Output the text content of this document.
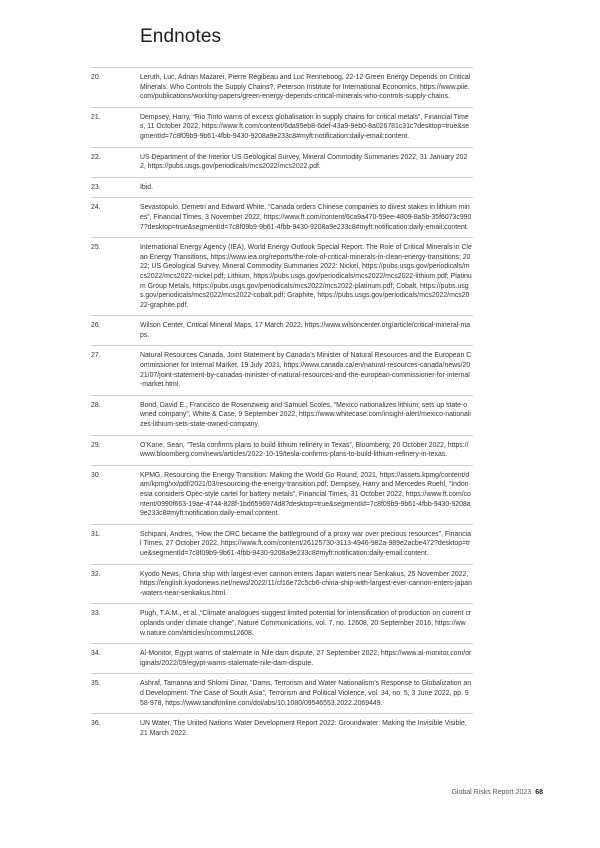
Endnotes
20.	Leruth, Luc, Adnan Mazarei, Pierre Régibeau and Luc Renneboog, 22-12 Green Energy Depends on Critical Minerals. Who Controls the Supply Chains?, Peterson Institute for International Economics, https://www.piie.com/publications/working-papers/green-energy-depends-critical-minerals-who-controls-supply-chains.
21.	Dempsey, Harry, “Rio Tinto warns of excess globalisation in supply chains for critical metals”, Financial Times, 11 October 2022, https://www.ft.com/content/6da95eb8-6def-43a9-9eb0-8a026781c31c?desktop=true&segmentId=7c8f09b9-9b61-4fbb-9430-9208a9e233c8#myft:notification:daily-email:content.
22.	US Department of the Interior US Geological Survey, Mineral Commodity Summaries 2022, 31 January 2022, https://pubs.usgs.gov/periodicals/mcs2022/mcs2022.pdf.
23.	Ibid.
24.	Sevastopulo, Demetri and Edward White, “Canada orders Chinese companies to divest stakes in lithium mines”, Financial Times, 3 November 2022, https://www.ft.com/content/6ca9a470-59ee-4809-8a5b-35f6073c9907?desktop=true&segmentId=7c8f09b9-9b61-4fbb-9430-9208a9e233c8#myft:notification:daily-email:content.
25.	International Energy Agency (IEA), World Energy Outlook Special Report: The Role of Critical Minerals in Clean Energy Transitions, https://www.iea.org/reports/the-role-of-critical-minerals-in-clean-energy-transitions; 2022; US Geological Survey, Mineral Commodity Summaries 2022: Nickel, https://pubs.usgs.gov/periodicals/mcs2022/mcs2022-nickel.pdf; Lithium, https://pubs.usgs.gov/periodicals/mcs2022/mcs2022-lithium.pdf; Platinum Group Metals, https://pubs.usgs.gov/periodicals/mcs2022/mcs2022-platinum.pdf; Cobalt, https://pubs.usgs.gov/periodicals/mcs2022/mcs2022-cobalt.pdf; Graphite, https://pubs.usgs.gov/periodicals/mcs2022/mcs2022-graphite.pdf.
26.	Wilson Center, Critical Mineral Maps, 17 March 2022, https://www.wilsoncenter.org/article/critical-mineral-maps.
27.	Natural Resources Canada, Joint Statement by Canada’s Minister of Natural Resources and the European Commissioner for Internal Market, 19 July 2021, https://www.canada.ca/en/natural-resources-canada/news/2021/07/joint-statement-by-canadas-minister-of-natural-resources-and-the-european-commissioner-for-internal-market.html.
28.	Bond, David E., Francisco de Rosenzweig and Samuel Scoles, “Mexico nationalizes lithium; sets up state-owned company”, White & Case, 9 September 2022, https://www.whitecase.com/insight-alert/mexico-nationalizes-lithium-sets-state-owned-company.
29.	O’Kane, Sean, “Tesla confirms plans to build lithium refinery in Texas”, Bloomberg, 20 October 2022, https://www.bloomberg.com/news/articles/2022-10-19/tesla-confirms-plans-to-build-lithium-refinery-in-texas.
30.	KPMG, Resourcing the Energy Transition: Making the World Go Round, 2021, https://assets.kpmg/content/dam/kpmg/xx/pdf/2021/03/resourcing-the-energy-transition.pdf; Dempsey, Harry and Mercedes Ruehl, “Indonesia considers Opec-style cartel for battery metals”, Financial Times, 31 October 2022, https://www.ft.com/content/0990f663-19ae-4744-828f-1bd6596974d8?desktop=true&segmentId=7c8f09b9-9b61-4fbb-9430-9208a9e233c8#myft:notification:daily-email:content.
31.	Schipani, Andres, “How the DRC became the battleground of a proxy war over precious resources”, Financial Times, 27 October 2022, https://www.ft.com/content/26125730-3113-4946-982a-989e2acbe472?desktop=true&segmentId=7c8f09b9-9b61-4fbb-9430-9208a9e233c8#myft:notification:daily-email:content.
32.	Kyodo News, China ship with largest-ever cannon enters Japan waters near Senkakus, 25 November 2022, https://english.kyodonews.net/news/2022/11/cf16e72c5cb6-china-ship-with-largest-ever-cannon-enters-japan-waters-near-senkakus.html.
33.	Pugh, T.A.M., et al.,“Climate analogues suggest limited potential for intensification of production on current croplands under climate change”, Nature Communications, vol. 7, no. 12608, 20 September 2016, https://www.nature.com/articles/ncomms12608.
34.	Al-Monitor, Egypt warns of stalemate in Nile dam dispute, 27 September 2022, https://www.al-monitor.com/originals/2022/09/egypt-warns-stalemate-nile-dam-dispute.
35.	Ashraf, Tamanna and Shlomi Dinar, “Dams, Terrorism and Water Nationalism’s Response to Globalization and Development: The Case of South Asia”, Terrorism and Political Violence, vol. 34, no. 5, 3 June 2022, pp. 958-978, https://www.tandfonline.com/doi/abs/10.1080/09546553.2022.2069449.
36.	UN Water, The United Nations Water Development Report 2022: Groundwater: Making the Invisible Visible, 21 March 2022.
Global Risks Report 2023 68
